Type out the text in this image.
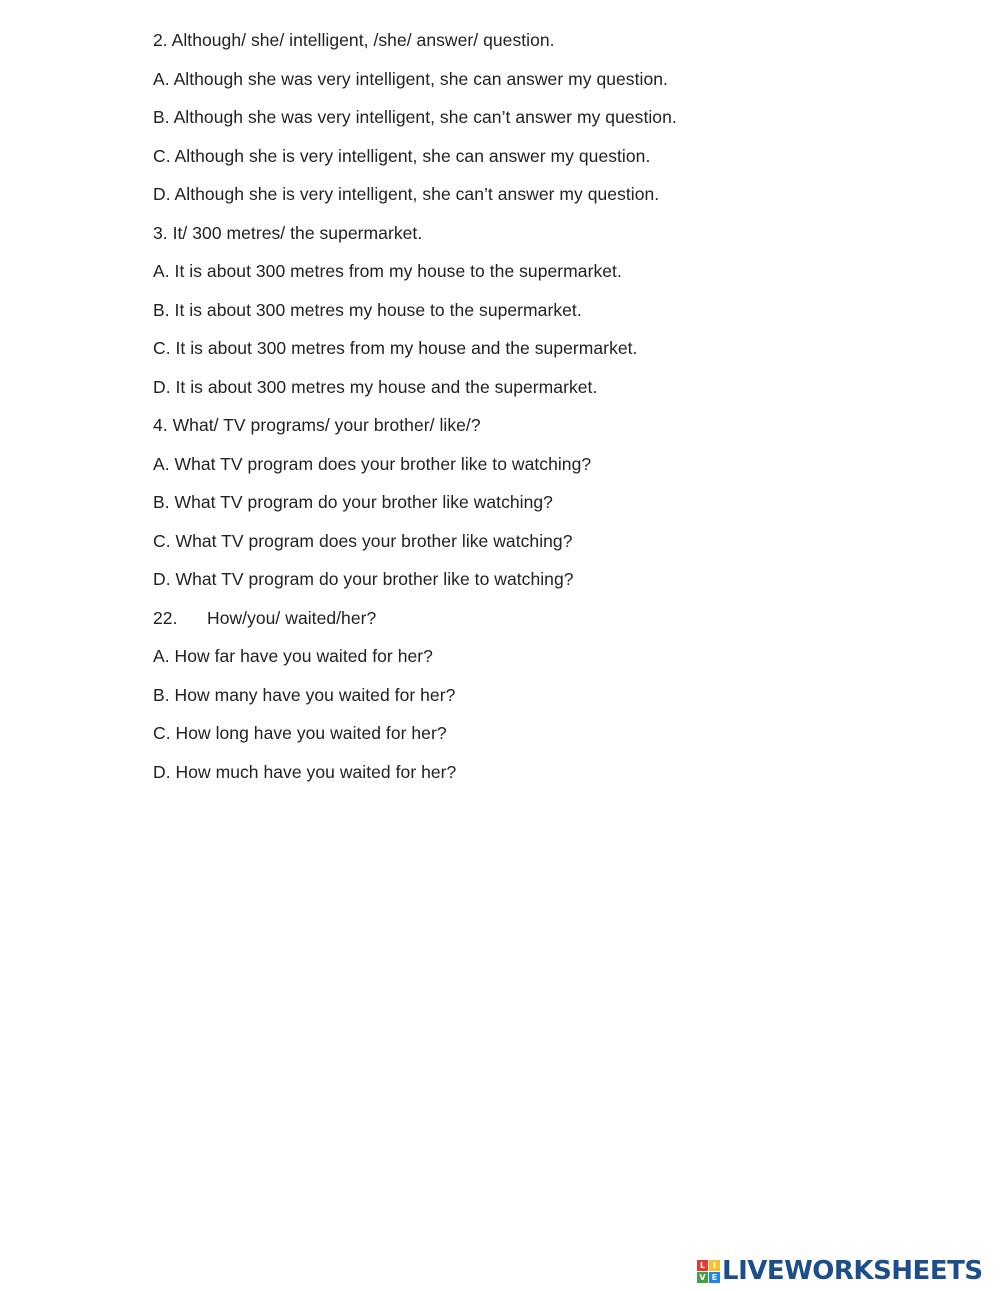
2. Although/ she/ intelligent, /she/ answer/ question.
A. Although she was very intelligent, she can answer my question.
B. Although she was very intelligent, she can’t answer my question.
C. Although she is very intelligent, she can answer my question.
D. Although she is very intelligent, she can’t answer my question.
3. It/ 300 metres/ the supermarket.
A. It is about 300 metres from my house to the supermarket.
B. It is about 300 metres my house to the supermarket.
C. It is about 300 metres from my house and the supermarket.
D. It is about 300 metres my house and the supermarket.
4. What/ TV programs/ your brother/ like/?
A. What TV program does your brother like to watching?
B. What TV program do your brother like watching?
C. What TV program does your brother like watching?
D. What TV program do your brother like to watching?
22. How/you/ waited/her?
A. How far have you waited for her?
B. How many have you waited for her?
C. How long have you waited for her?
D. How much have you waited for her?
L I
V E LIVEWORKSHEETS
